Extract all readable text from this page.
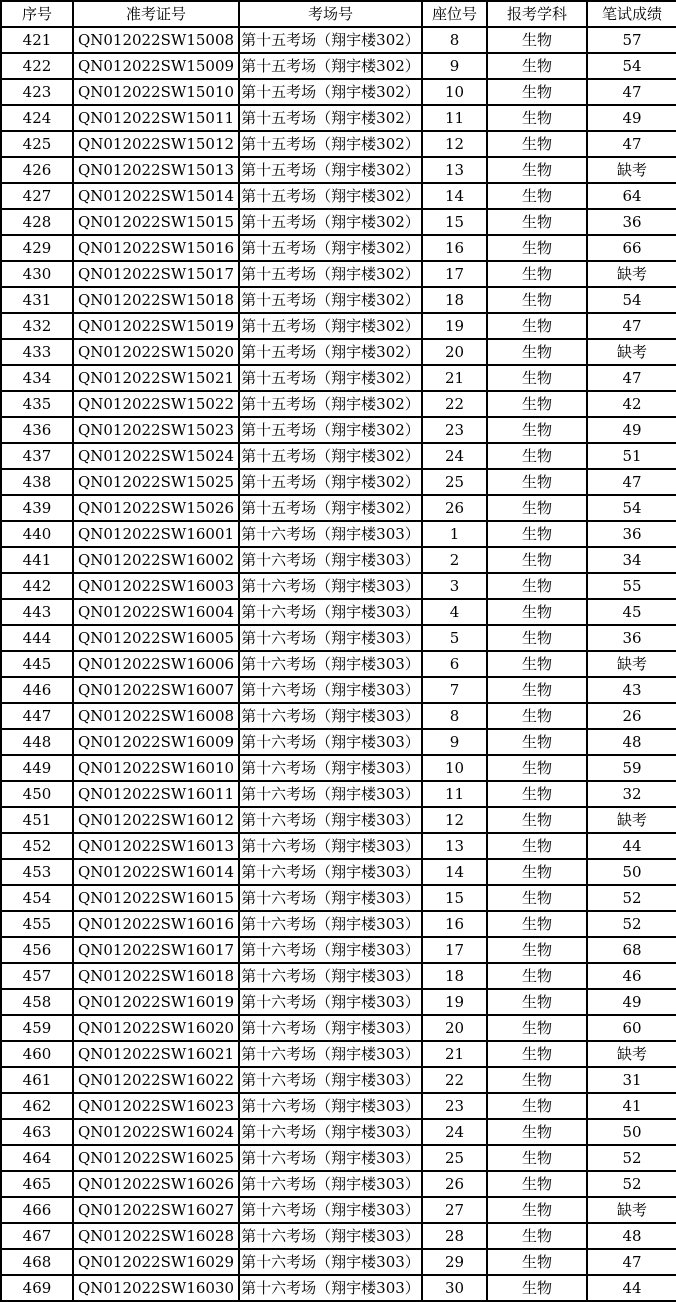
序号	准考证号	考场号	座位号	报考学科	笔试成绩
421	QN012022SW15008	第十五考场（翔宇楼302）	8	生物	57
422	QN012022SW15009	第十五考场（翔宇楼302）	9	生物	54
423	QN012022SW15010	第十五考场（翔宇楼302）	10	生物	47
424	QN012022SW15011	第十五考场（翔宇楼302）	11	生物	49
425	QN012022SW15012	第十五考场（翔宇楼302）	12	生物	47
426	QN012022SW15013	第十五考场（翔宇楼302）	13	生物	缺考
427	QN012022SW15014	第十五考场（翔宇楼302）	14	生物	64
428	QN012022SW15015	第十五考场（翔宇楼302）	15	生物	36
429	QN012022SW15016	第十五考场（翔宇楼302）	16	生物	66
430	QN012022SW15017	第十五考场（翔宇楼302）	17	生物	缺考
431	QN012022SW15018	第十五考场（翔宇楼302）	18	生物	54
432	QN012022SW15019	第十五考场（翔宇楼302）	19	生物	47
433	QN012022SW15020	第十五考场（翔宇楼302）	20	生物	缺考
434	QN012022SW15021	第十五考场（翔宇楼302）	21	生物	47
435	QN012022SW15022	第十五考场（翔宇楼302）	22	生物	42
436	QN012022SW15023	第十五考场（翔宇楼302）	23	生物	49
437	QN012022SW15024	第十五考场（翔宇楼302）	24	生物	51
438	QN012022SW15025	第十五考场（翔宇楼302）	25	生物	47
439	QN012022SW15026	第十五考场（翔宇楼302）	26	生物	54
440	QN012022SW16001	第十六考场（翔宇楼303）	1	生物	36
441	QN012022SW16002	第十六考场（翔宇楼303）	2	生物	34
442	QN012022SW16003	第十六考场（翔宇楼303）	3	生物	55
443	QN012022SW16004	第十六考场（翔宇楼303）	4	生物	45
444	QN012022SW16005	第十六考场（翔宇楼303）	5	生物	36
445	QN012022SW16006	第十六考场（翔宇楼303）	6	生物	缺考
446	QN012022SW16007	第十六考场（翔宇楼303）	7	生物	43
447	QN012022SW16008	第十六考场（翔宇楼303）	8	生物	26
448	QN012022SW16009	第十六考场（翔宇楼303）	9	生物	48
449	QN012022SW16010	第十六考场（翔宇楼303）	10	生物	59
450	QN012022SW16011	第十六考场（翔宇楼303）	11	生物	32
451	QN012022SW16012	第十六考场（翔宇楼303）	12	生物	缺考
452	QN012022SW16013	第十六考场（翔宇楼303）	13	生物	44
453	QN012022SW16014	第十六考场（翔宇楼303）	14	生物	50
454	QN012022SW16015	第十六考场（翔宇楼303）	15	生物	52
455	QN012022SW16016	第十六考场（翔宇楼303）	16	生物	52
456	QN012022SW16017	第十六考场（翔宇楼303）	17	生物	68
457	QN012022SW16018	第十六考场（翔宇楼303）	18	生物	46
458	QN012022SW16019	第十六考场（翔宇楼303）	19	生物	49
459	QN012022SW16020	第十六考场（翔宇楼303）	20	生物	60
460	QN012022SW16021	第十六考场（翔宇楼303）	21	生物	缺考
461	QN012022SW16022	第十六考场（翔宇楼303）	22	生物	31
462	QN012022SW16023	第十六考场（翔宇楼303）	23	生物	41
463	QN012022SW16024	第十六考场（翔宇楼303）	24	生物	50
464	QN012022SW16025	第十六考场（翔宇楼303）	25	生物	52
465	QN012022SW16026	第十六考场（翔宇楼303）	26	生物	52
466	QN012022SW16027	第十六考场（翔宇楼303）	27	生物	缺考
467	QN012022SW16028	第十六考场（翔宇楼303）	28	生物	48
468	QN012022SW16029	第十六考场（翔宇楼303）	29	生物	47
469	QN012022SW16030	第十六考场（翔宇楼303）	30	生物	44
